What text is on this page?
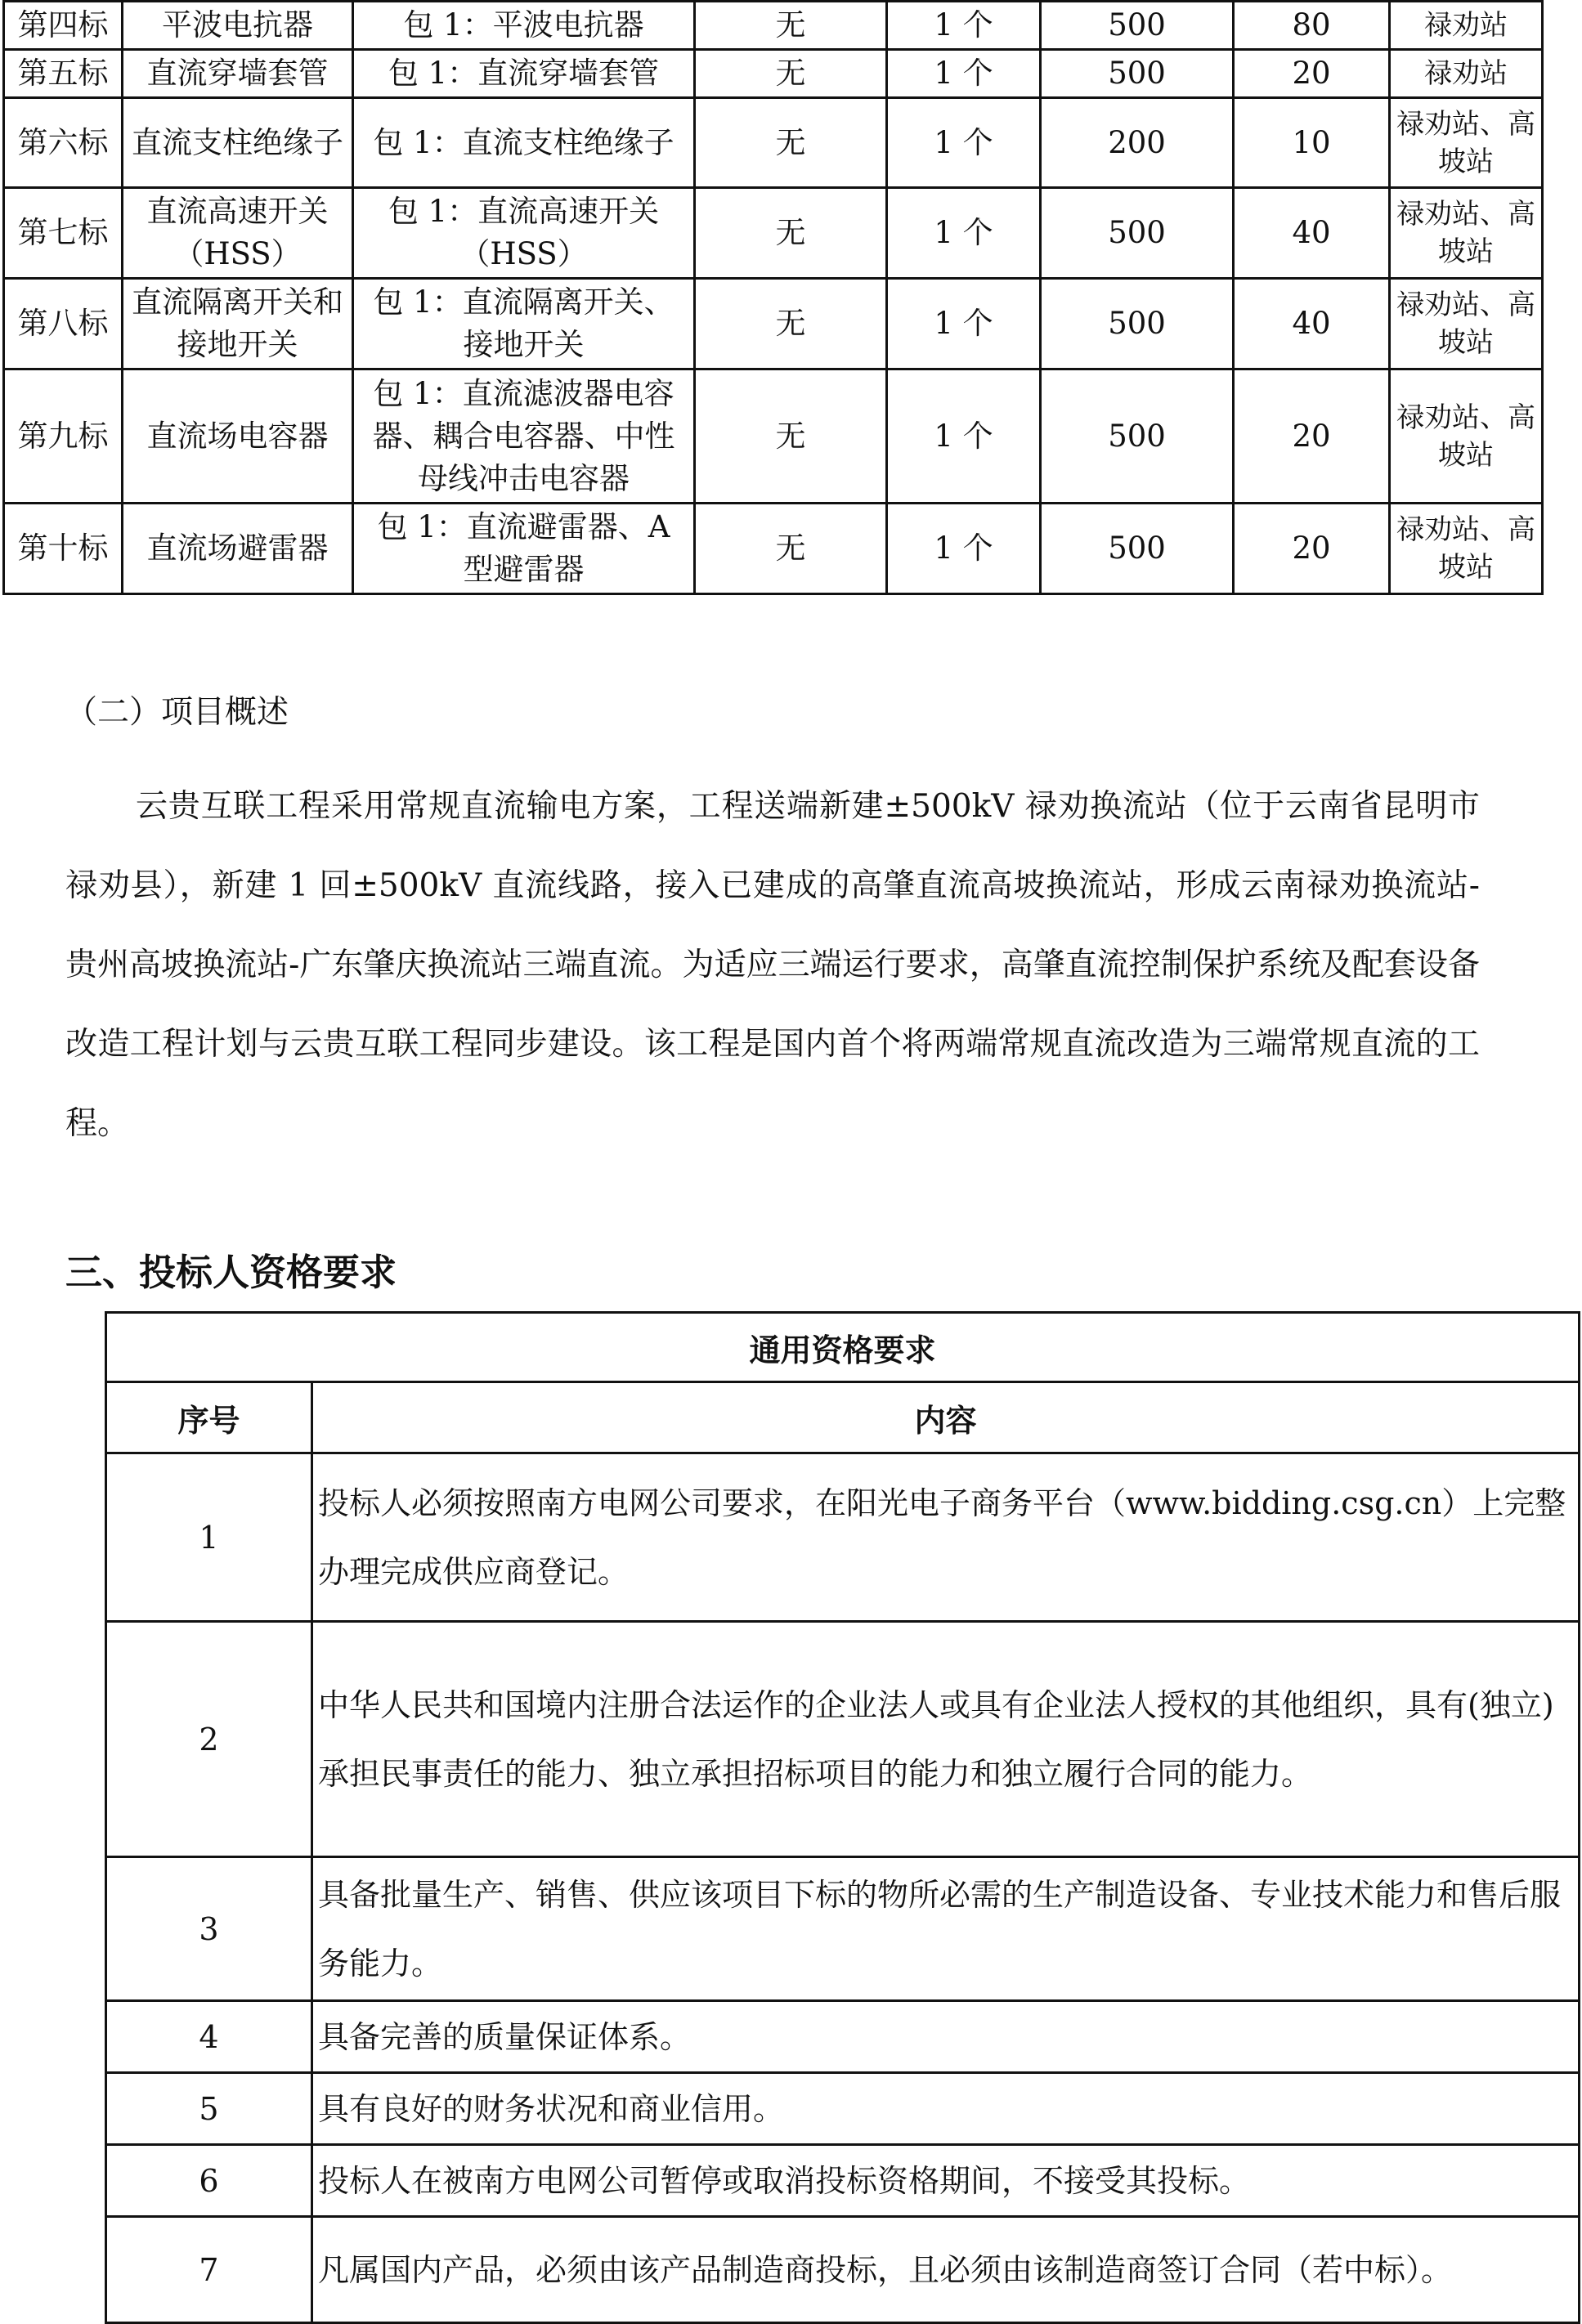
第四标	平波电抗器	包 1：平波电抗器	无	1 个	500	80	禄劝站
第五标	直流穿墙套管	包 1：直流穿墙套管	无	1 个	500	20	禄劝站
第六标	直流支柱绝缘子	包 1：直流支柱绝缘子	无	1 个	200	10	禄劝站、高坡站
第七标	直流高速开关（HSS）	包 1：直流高速开关（HSS）	无	1 个	500	40	禄劝站、高坡站
第八标	直流隔离开关和接地开关	包 1：直流隔离开关、接地开关	无	1 个	500	40	禄劝站、高坡站
第九标	直流场电容器	包 1：直流滤波器电容器、耦合电容器、中性母线冲击电容器	无	1 个	500	20	禄劝站、高坡站
第十标	直流场避雷器	包 1：直流避雷器、A 型避雷器	无	1 个	500	20	禄劝站、高坡站

（二）项目概述

云贵互联工程采用常规直流输电方案，工程送端新建±500kV 禄劝换流站（位于云南省昆明市禄劝县），新建 1 回±500kV 直流线路，接入已建成的高肇直流高坡换流站，形成云南禄劝换流站-贵州高坡换流站-广东肇庆换流站三端直流。为适应三端运行要求，高肇直流控制保护系统及配套设备改造工程计划与云贵互联工程同步建设。该工程是国内首个将两端常规直流改造为三端常规直流的工程。

三、投标人资格要求
通用资格要求	
序号	内容
1	投标人必须按照南方电网公司要求，在阳光电子商务平台（www.bidding.csg.cn）上完整办理完成供应商登记。
2	中华人民共和国境内注册合法运作的企业法人或具有企业法人授权的其他组织，具有(独立)承担民事责任的能力、独立承担招标项目的能力和独立履行合同的能力。
3	具备批量生产、销售、供应该项目下标的物所必需的生产制造设备、专业技术能力和售后服务能力。
4	具备完善的质量保证体系。
5	具有良好的财务状况和商业信用。
6	投标人在被南方电网公司暂停或取消投标资格期间，不接受其投标。
7	凡属国内产品，必须由该产品制造商投标，且必须由该制造商签订合同（若中标）。
